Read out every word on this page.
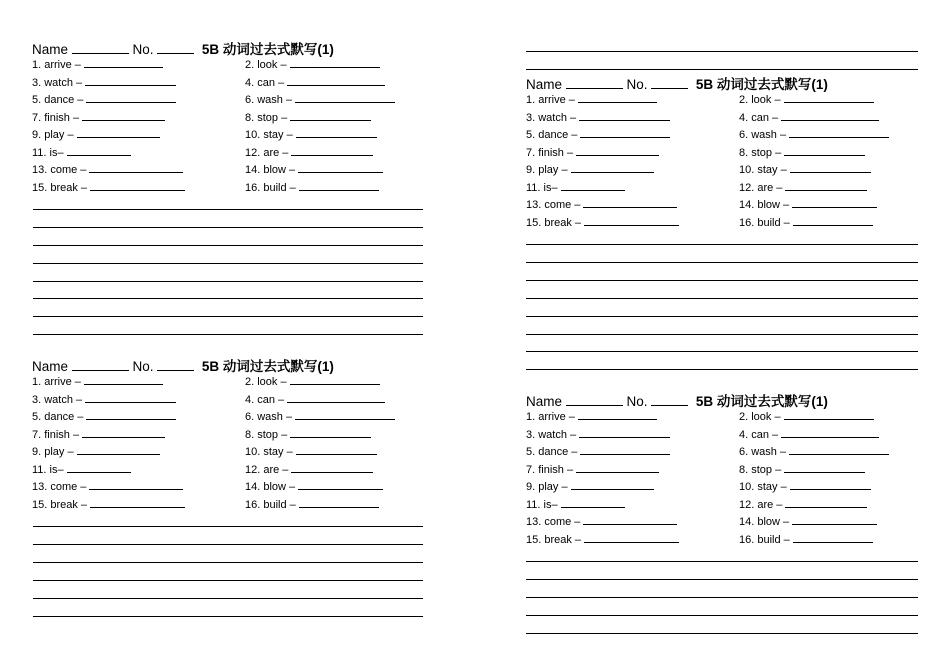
Name	No.	5B 动词过去式默写(1)
1. arrive –	2. look –
3. watch –	4. can –
5. dance –	6. wash –
7. finish –	8. stop –
9. play –	10. stay –
11. is–	12. are –
13. come –	14. blow –
15. break –	16. build –
Name	No.	5B 动词过去式默写(1)
1. arrive –	2. look –
3. watch –	4. can –
5. dance –	6. wash –
7. finish –	8. stop –
9. play –	10. stay –
11. is–	12. are –
13. come –	14. blow –
15. break –	16. build –
Name	No.	5B 动词过去式默写(1)
1. arrive –	2. look –
3. watch –	4. can –
5. dance –	6. wash –
7. finish –	8. stop –
9. play –	10. stay –
11. is–	12. are –
13. come –	14. blow –
15. break –	16. build –
Name	No.	5B 动词过去式默写(1)
1. arrive –	2. look –
3. watch –	4. can –
5. dance –	6. wash –
7. finish –	8. stop –
9. play –	10. stay –
11. is–	12. are –
13. come –	14. blow –
15. break –	16. build –
